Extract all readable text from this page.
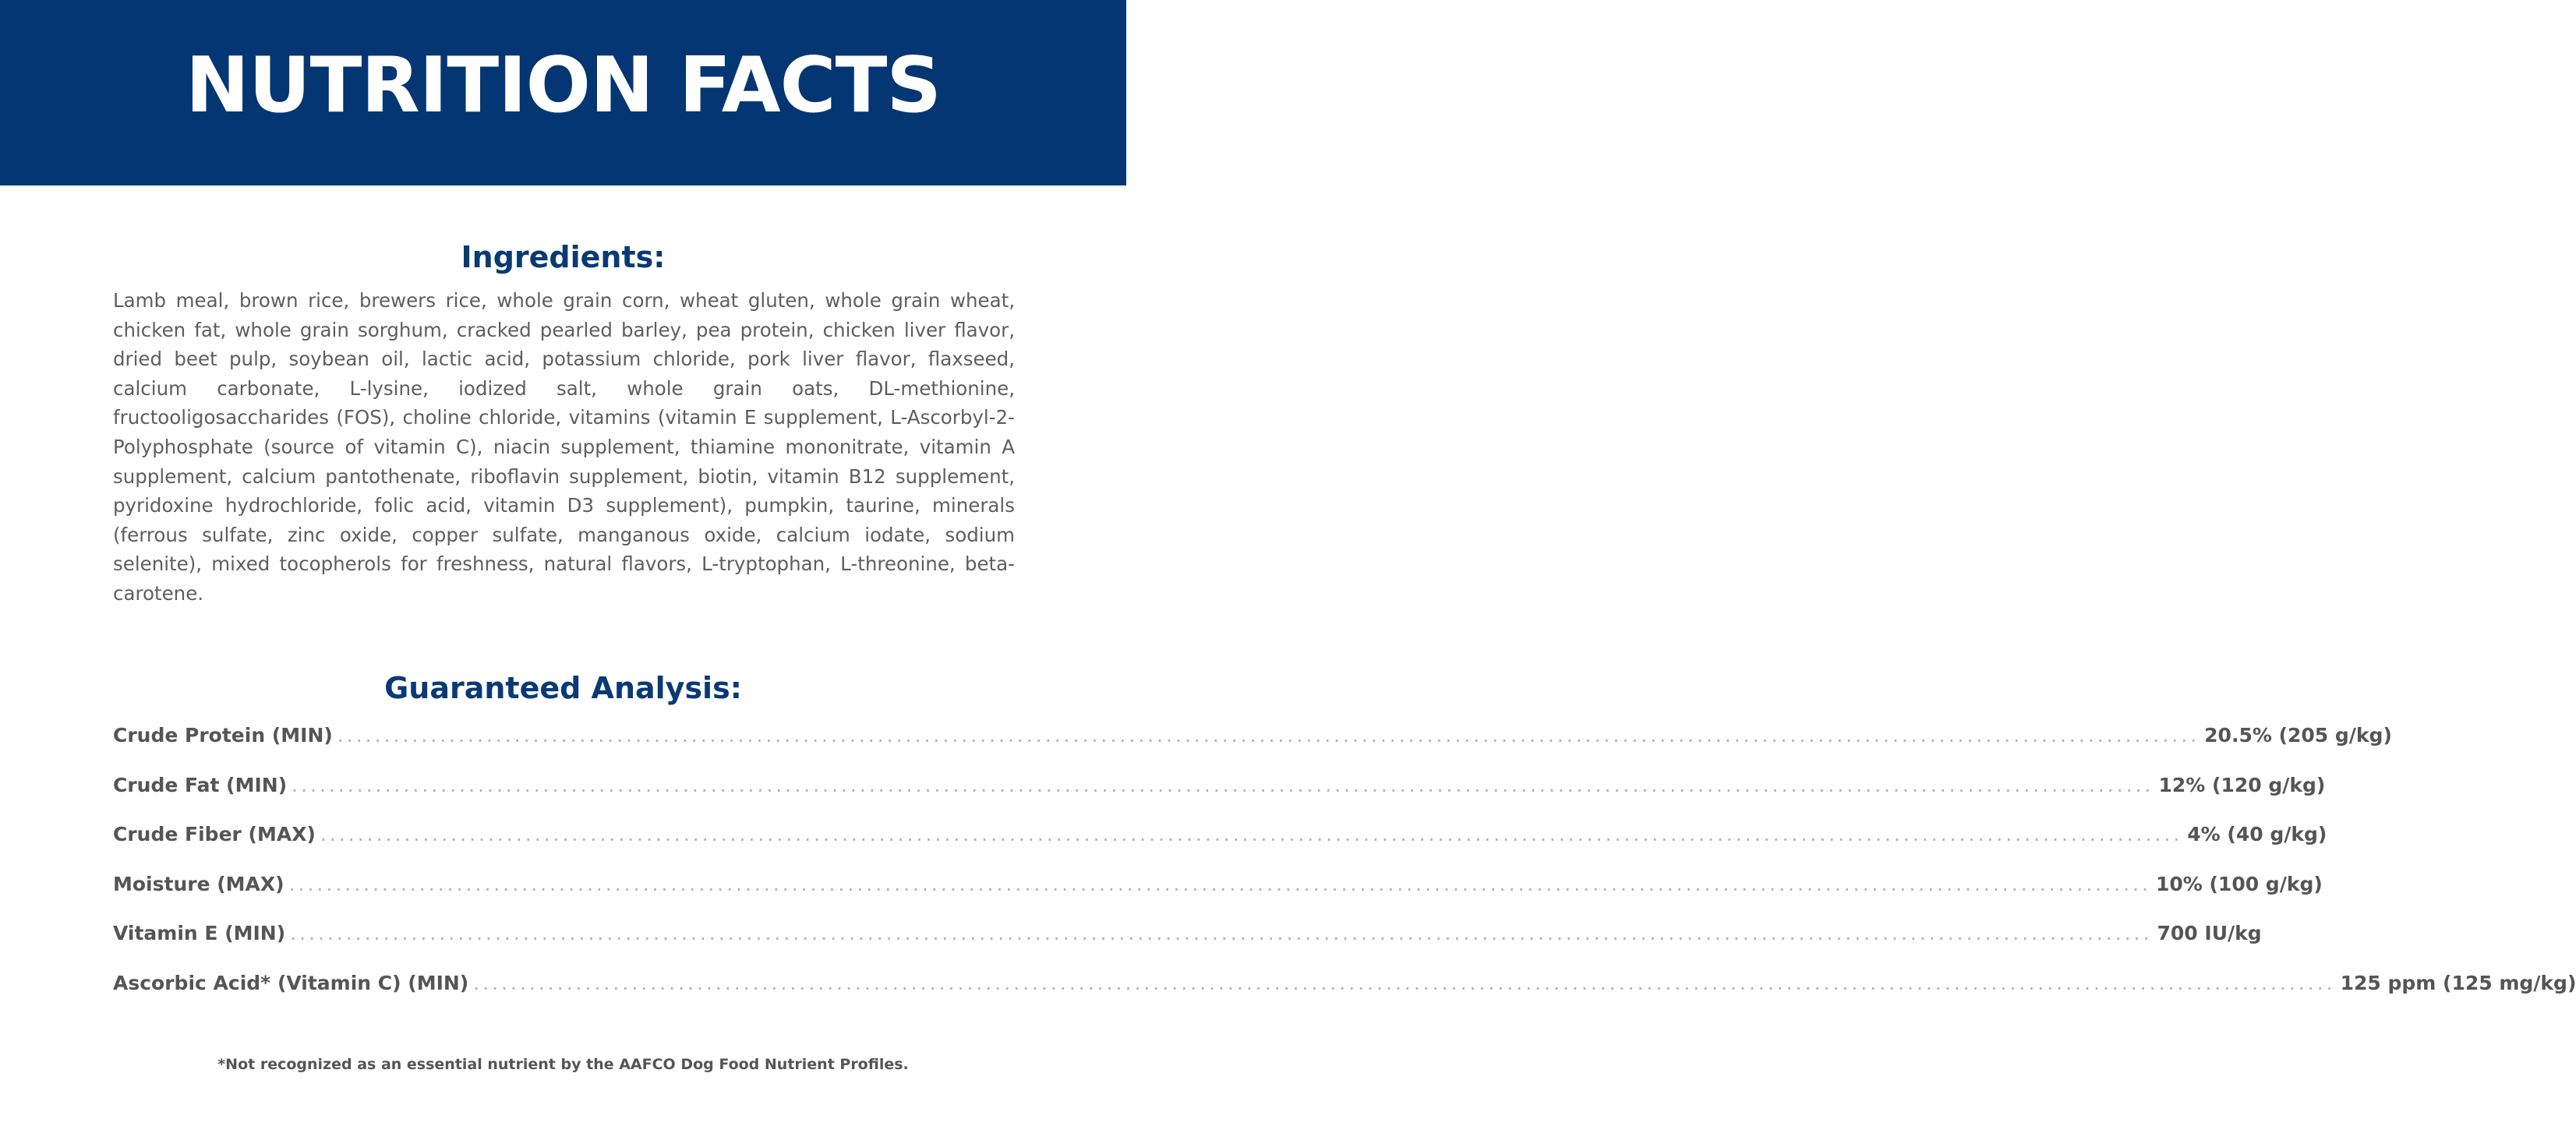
NUTRITION FACTS
Ingredients:

Lamb meal, brown rice, brewers rice, whole grain corn, wheat gluten, whole grain wheat, chicken fat, whole grain sorghum, cracked pearled barley, pea protein, chicken liver flavor, dried beet pulp, soybean oil, lactic acid, potassium chloride, pork liver flavor, flaxseed, calcium carbonate, L-lysine, iodized salt, whole grain oats, DL-methionine, fructooligosaccharides (FOS), choline chloride, vitamins (vitamin E supplement, L-Ascorbyl-2-Polyphosphate (source of vitamin C), niacin supplement, thiamine mononitrate, vitamin A supplement, calcium pantothenate, riboflavin supplement, biotin, vitamin B12 supplement, pyridoxine hydrochloride, folic acid, vitamin D3 supplement), pumpkin, taurine, minerals (ferrous sulfate, zinc oxide, copper sulfate, manganous oxide, calcium iodate, sodium selenite), mixed tocopherols for freshness, natural flavors, L-tryptophan, L-threonine, beta-carotene.

Guaranteed Analysis:
Crude Protein (MIN) ........................................................................................................................................................................................................ 20.5% (205 g/kg)
Crude Fat (MIN) ........................................................................................................................................................................................................ 12% (120 g/kg)
Crude Fiber (MAX) ........................................................................................................................................................................................................ 4% (40 g/kg)
Moisture (MAX) ........................................................................................................................................................................................................ 10% (100 g/kg)
Vitamin E (MIN) ........................................................................................................................................................................................................ 700 IU/kg
Ascorbic Acid* (Vitamin C) (MIN) ........................................................................................................................................................................................................ 125 ppm (125 mg/kg)
*Not recognized as an essential nutrient by the AAFCO Dog Food Nutrient Profiles.
